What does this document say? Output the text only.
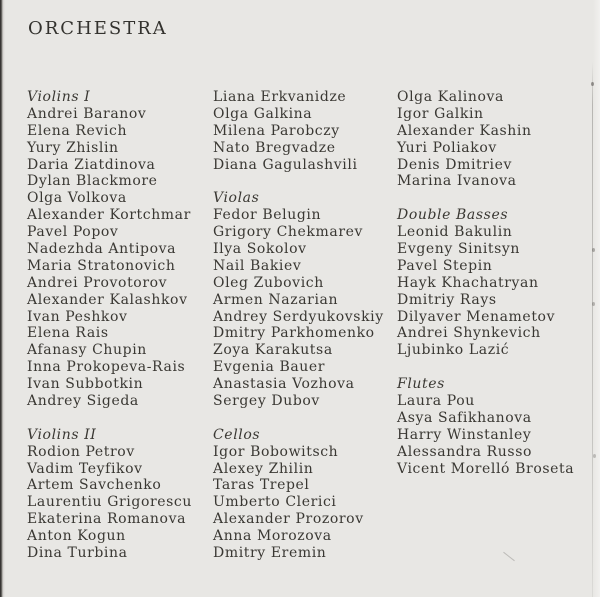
ORCHESTRA
Violins I
Andrei Baranov
Elena Revich
Yury Zhislin
Daria Ziatdinova
Dylan Blackmore
Olga Volkova
Alexander Kortchmar
Pavel Popov
Nadezhda Antipova
Maria Stratonovich
Andrei Provotorov
Alexander Kalashkov
Ivan Peshkov
Elena Rais
Afanasy Chupin
Inna Prokopeva-Rais
Ivan Subbotkin
Andrey Sigeda
Violins II
Rodion Petrov
Vadim Teyfikov
Artem Savchenko
Laurentiu Grigorescu
Ekaterina Romanova
Anton Kogun
Dina Turbina
Liana Erkvanidze
Olga Galkina
Milena Parobczy
Nato Bregvadze
Diana Gagulashvili
Violas
Fedor Belugin
Grigory Chekmarev
Ilya Sokolov
Nail Bakiev
Oleg Zubovich
Armen Nazarian
Andrey Serdyukovskiy
Dmitry Parkhomenko
Zoya Karakutsa
Evgenia Bauer
Anastasia Vozhova
Sergey Dubov
Cellos
Igor Bobowitsch
Alexey Zhilin
Taras Trepel
Umberto Clerici
Alexander Prozorov
Anna Morozova
Dmitry Eremin
Olga Kalinova
Igor Galkin
Alexander Kashin
Yuri Poliakov
Denis Dmitriev
Marina Ivanova
Double Basses
Leonid Bakulin
Evgeny Sinitsyn
Pavel Stepin
Hayk Khachatryan
Dmitriy Rays
Dilyaver Menametov
Andrei Shynkevich
Ljubinko Lazić
Flutes
Laura Pou
Asya Safikhanova
Harry Winstanley
Alessandra Russo
Vicent Morelló Broseta
